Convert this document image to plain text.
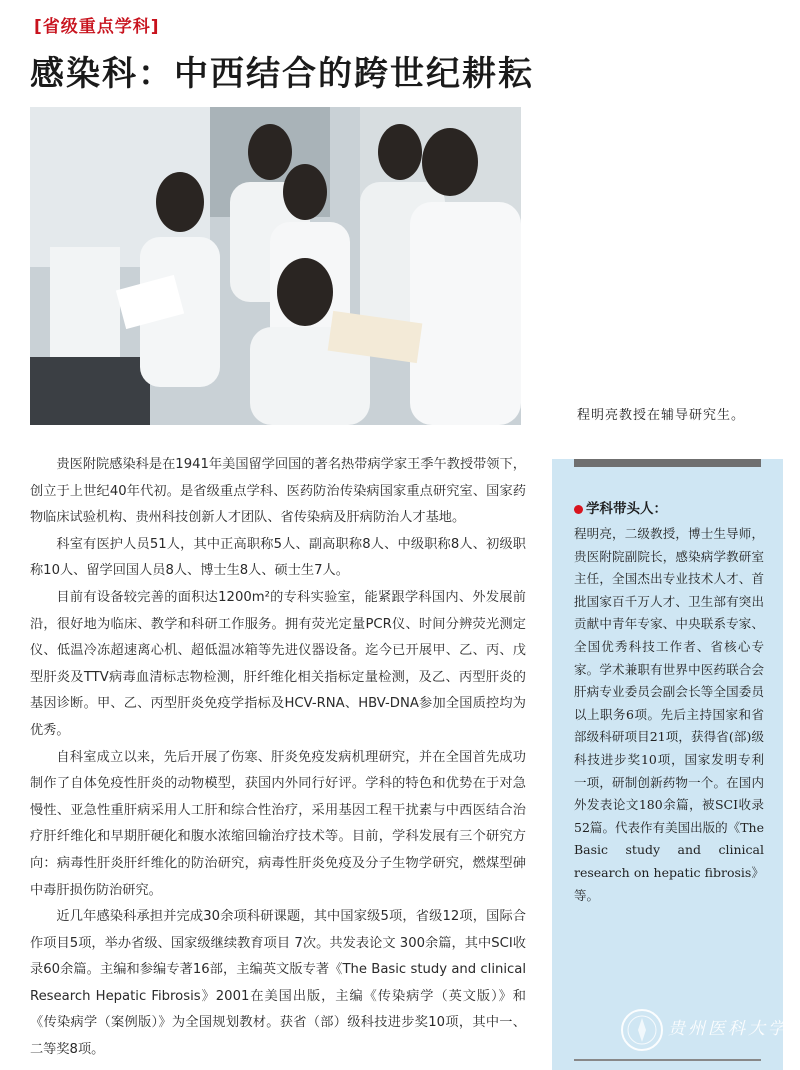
[省级重点学科]
感染科：中西结合的跨世纪耕耘
程明亮教授在辅导研究生。

贵医附院感染科是在1941年美国留学回国的著名热带病学家王季午教授带领下，创立于上世纪40年代初。是省级重点学科、医药防治传染病国家重点研究室、国家药物临床试验机构、贵州科技创新人才团队、省传染病及肝病防治人才基地。

科室有医护人员51人，其中正高职称5人、副高职称8人、中级职称8人、初级职称10人、留学回国人员8人、博士生8人、硕士生7人。

目前有设备较完善的面积达1200m²的专科实验室，能紧跟学科国内、外发展前沿，很好地为临床、教学和科研工作服务。拥有荧光定量PCR仪、时间分辨荧光测定仪、低温冷冻超速离心机、超低温冰箱等先进仪器设备。迄今已开展甲、乙、丙、戊型肝炎及TTV病毒血清标志物检测，肝纤维化相关指标定量检测，及乙、丙型肝炎的基因诊断。甲、乙、丙型肝炎免疫学指标及HCV-RNA、HBV-DNA参加全国质控均为优秀。

自科室成立以来，先后开展了伤寒、肝炎免疫发病机理研究，并在全国首先成功制作了自体免疫性肝炎的动物模型，获国内外同行好评。学科的特色和优势在于对急慢性、亚急性重肝病采用人工肝和综合性治疗，采用基因工程干扰素与中西医结合治疗肝纤维化和早期肝硬化和腹水浓缩回输治疗技术等。目前，学科发展有三个研究方向：病毒性肝炎肝纤维化的防治研究，病毒性肝炎免疫及分子生物学研究，燃煤型砷中毒肝损伤防治研究。

近几年感染科承担并完成30余项科研课题，其中国家级5项，省级12项，国际合作项目5项，举办省级、国家级继续教育项目 7次。共发表论文 300余篇，其中SCI收录60余篇。主编和参编专著16部，主编英文版专著《The Basic study and clinical Research Hepatic Fibrosis》2001在美国出版，主编《传染病学（英文版）》和《传染病学（案例版）》为全国规划教材。获省（部）级科技进步奖10项，其中一、二等奖8项。

学科带头人：
程明亮，二级教授，博士生导师，贵医附院副院长，感染病学教研室主任，全国杰出专业技术人才、首批国家百千万人才、卫生部有突出贡献中青年专家、中央联系专家、全国优秀科技工作者、省核心专家。学术兼职有世界中医药联合会肝病专业委员会副会长等全国委员以上职务6项。先后主持国家和省部级科研项目21项，获得省(部)级科技进步奖10项，国家发明专利一项，研制创新药物一个。在国内外发表论文180余篇，被SCI收录52篇。代表作有美国出版的《The Basic study and clinical research on hepatic fibrosis》等。
贵州医科大学
